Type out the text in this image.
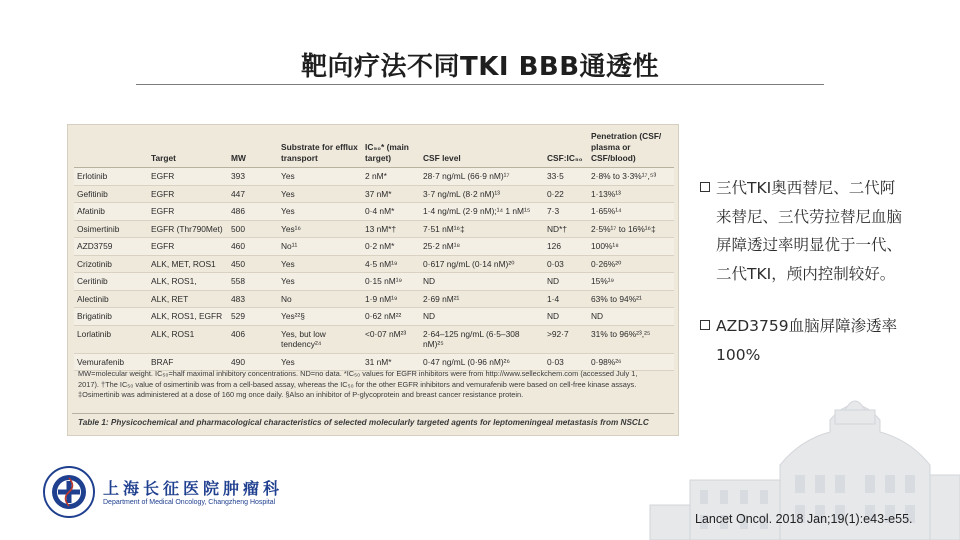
靶向疗法不同TKI BBB通透性
	Target	MW	Substrate for efflux transport	IC₅₀* (main target)	CSF level	CSF:IC₅₀	Penetration (CSF/ plasma or CSF/blood)
Erlotinib	EGFR	393	Yes	2 nM*	28·7 ng/mL (66·9 nM)¹⁷	33·5	2·8% to 3·3%¹⁷,⁵³
Gefitinib	EGFR	447	Yes	37 nM*	3·7 ng/mL (8·2 nM)¹³	0·22	1·13%¹³
Afatinib	EGFR	486	Yes	0·4 nM*	1·4 ng/mL (2·9 nM);¹⁴ 1 nM¹⁵	7·3	1·65%¹⁴
Osimertinib	EGFR (Thr790Met)	500	Yes¹⁶	13 nM*†	7·51 nM¹⁶‡	ND*†	2·5%¹⁷ to 16%¹⁶‡
AZD3759	EGFR	460	No¹¹	0·2 nM*	25·2 nM¹⁸	126	100%¹⁸
Crizotinib	ALK, MET, ROS1	450	Yes	4·5 nM¹⁹	0·617 ng/mL (0·14 nM)²⁰	0·03	0·26%²⁰
Ceritinib	ALK, ROS1,	558	Yes	0·15 nM¹⁹	ND	ND	15%¹⁹
Alectinib	ALK, RET	483	No	1·9 nM¹⁹	2·69 nM²¹	1·4	63% to 94%²¹
Brigatinib	ALK, ROS1, EGFR	529	Yes²²§	0·62 nM²²	ND	ND	ND
Lorlatinib	ALK, ROS1	406	Yes, but low tendency²⁴	<0·07 nM²³	2·64–125 ng/mL (6·5–308 nM)²⁵	>92·7	31% to 96%²³,²⁵
Vemurafenib	BRAF	490	Yes	31 nM*	0·47 ng/mL (0·96 nM)²⁶	0·03	0·98%²⁶
MW=molecular weight. IC₅₀=half maximal inhibitory concentrations. ND=no data. *IC₅₀ values for EGFR inhibitors were from http://www.selleckchem.com (accessed July 1,
2017). †The IC₅₀ value of osimertinib was from a cell-based assay, whereas the IC₅₀ for the other EGFR inhibitors and vemurafenib were based on cell-free kinase assays.
‡Osimertinib was administered at a dose of 160 mg once daily. §Also an inhibitor of P-glycoprotein and breast cancer resistance protein.
Table 1: Physicochemical and pharmacological characteristics of selected molecularly targeted agents for leptomeningeal metastasis from NSCLC
三代TKI奥西替尼、二代阿来替尼、三代劳拉替尼血脑屏障透过率明显优于一代、二代TKI，颅内控制较好。
AZD3759血脑屏障渗透率100%
上海长征医院肿瘤科
Department of Medical Oncology, Changzheng Hospital
Lancet Oncol. 2018 Jan;19(1):e43-e55.
